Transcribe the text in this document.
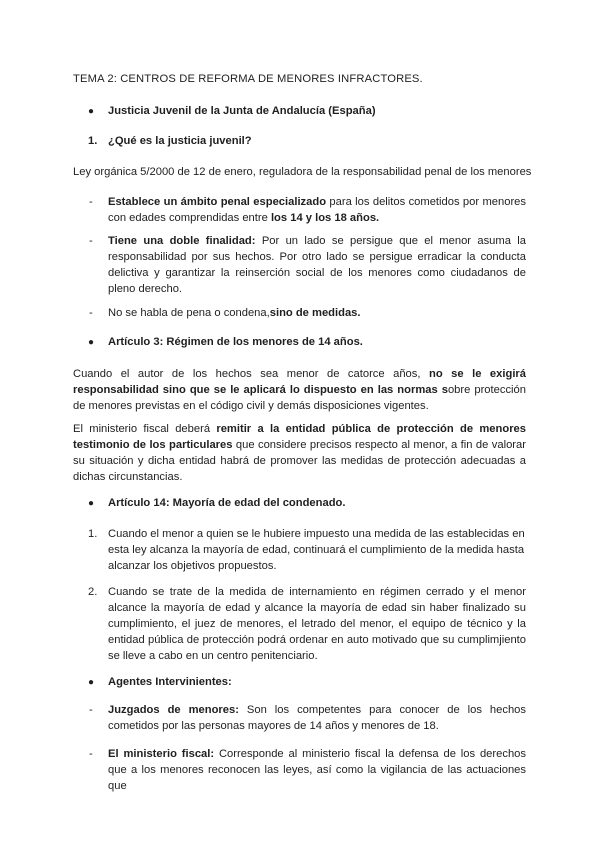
TEMA 2: CENTROS DE REFORMA DE MENORES INFRACTORES.
● Justicia Juvenil de la Junta de Andalucía (España)
1. ¿Qué es la justicia juvenil?
Ley orgánica 5/2000 de 12 de enero, reguladora de la responsabilidad penal de los menores
- Establece un ámbito penal especializado para los delitos cometidos por menores con edades comprendidas entre los 14 y los 18 años.
- Tiene una doble finalidad: Por un lado se persigue que el menor asuma la responsabilidad por sus hechos. Por otro lado se persigue erradicar la conducta delictiva y garantizar la reinserción social de los menores como ciudadanos de pleno derecho.
- No se habla de pena o condena,sino de medidas.
● Artículo 3: Régimen de los menores de 14 años.
Cuando el autor de los hechos sea menor de catorce años, no se le exigirá responsabilidad sino que se le aplicará lo dispuesto en las normas sobre protección de menores previstas en el código civil y demás disposiciones vigentes.
El ministerio fiscal deberá remitir a la entidad pública de protección de menores testimonio de los particulares que considere precisos respecto al menor, a fin de valorar su situación y dicha entidad habrá de promover las medidas de protección adecuadas a dichas circunstancias.
● Artículo 14: Mayoría de edad del condenado.
1. Cuando el menor a quien se le hubiere impuesto una medida de las establecidas en esta ley alcanza la mayoría de edad, continuará el cumplimiento de la medida hasta alcanzar los objetivos propuestos.
2. Cuando se trate de la medida de internamiento en régimen cerrado y el menor alcance la mayoría de edad y alcance la mayoría de edad sin haber finalizado su cumplimiento, el juez de menores, el letrado del menor, el equipo de técnico y la entidad pública de protección podrá ordenar en auto motivado que su cumplimjiento se lleve a cabo en un centro penitenciario.
● Agentes Intervinientes:
- Juzgados de menores: Son los competentes para conocer de los hechos cometidos por las personas mayores de 14 años y menores de 18.
- El ministerio fiscal: Corresponde al ministerio fiscal la defensa de los derechos que a los menores reconocen las leyes, así como la vigilancia de las actuaciones que
